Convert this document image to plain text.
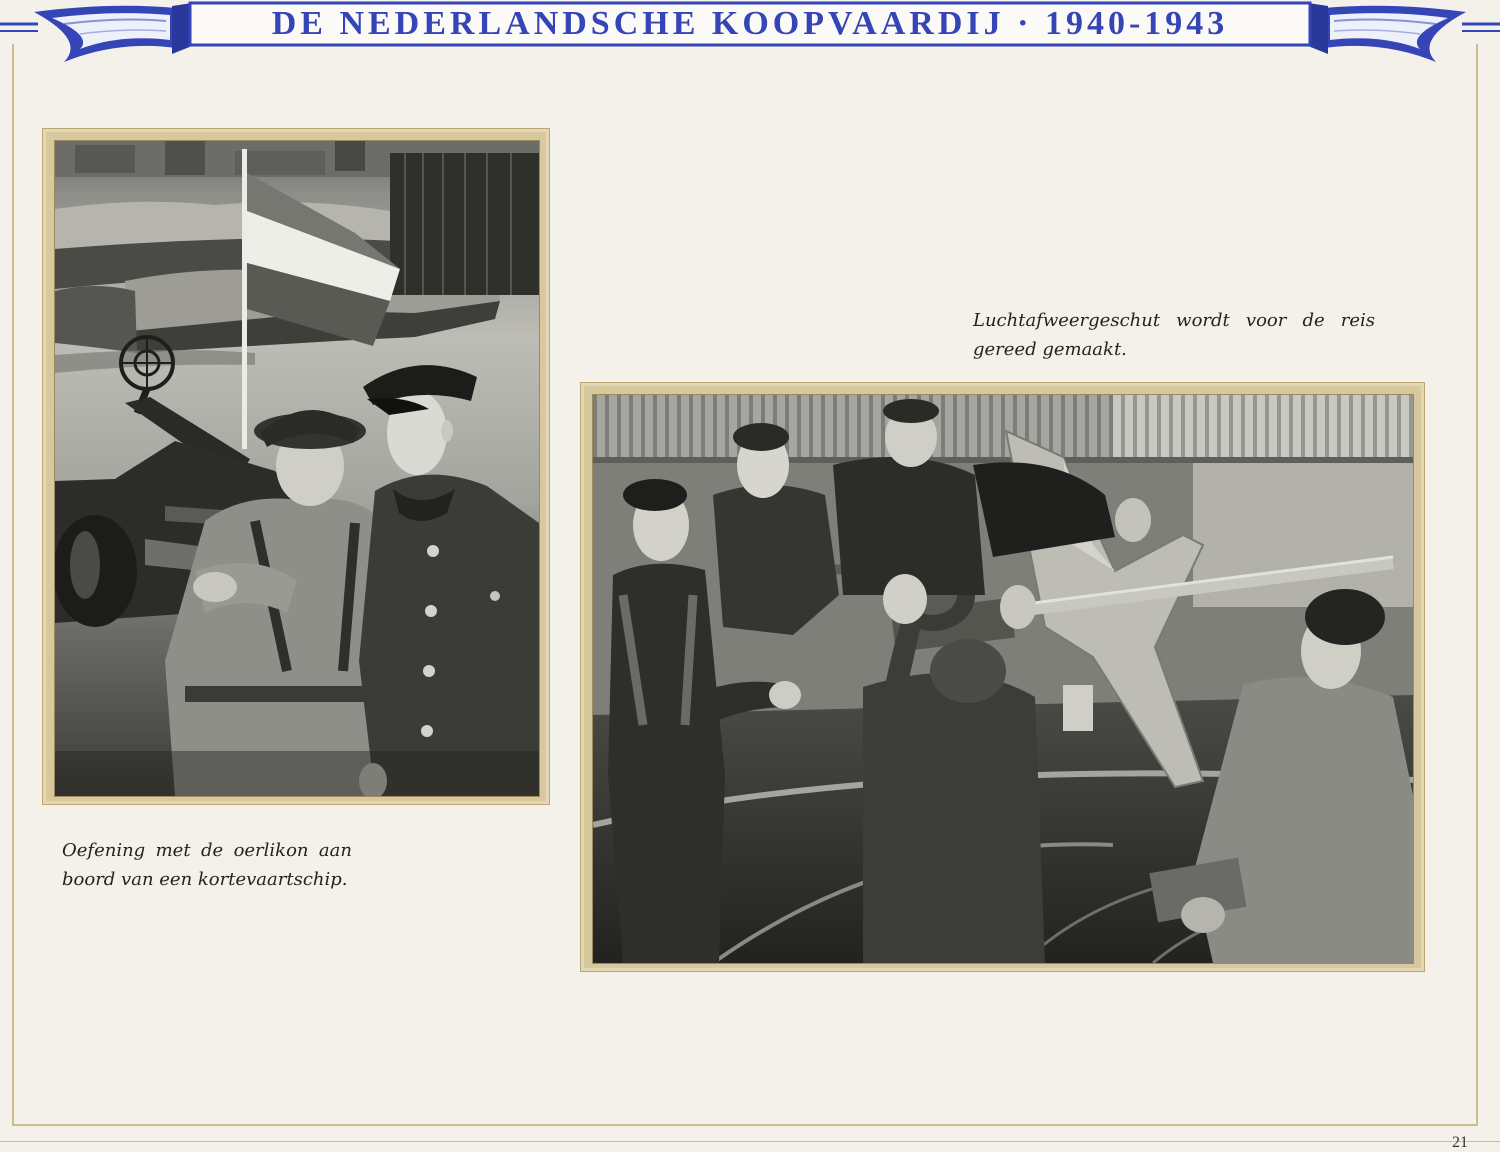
DE NEDERLANDSCHE KOOPVAARDIJ · 1940-1943
Oefening met de oerlikon aan
boord van een kortevaartschip.
Luchtafweergeschut wordt voor de reis
gereed gemaakt.
21
